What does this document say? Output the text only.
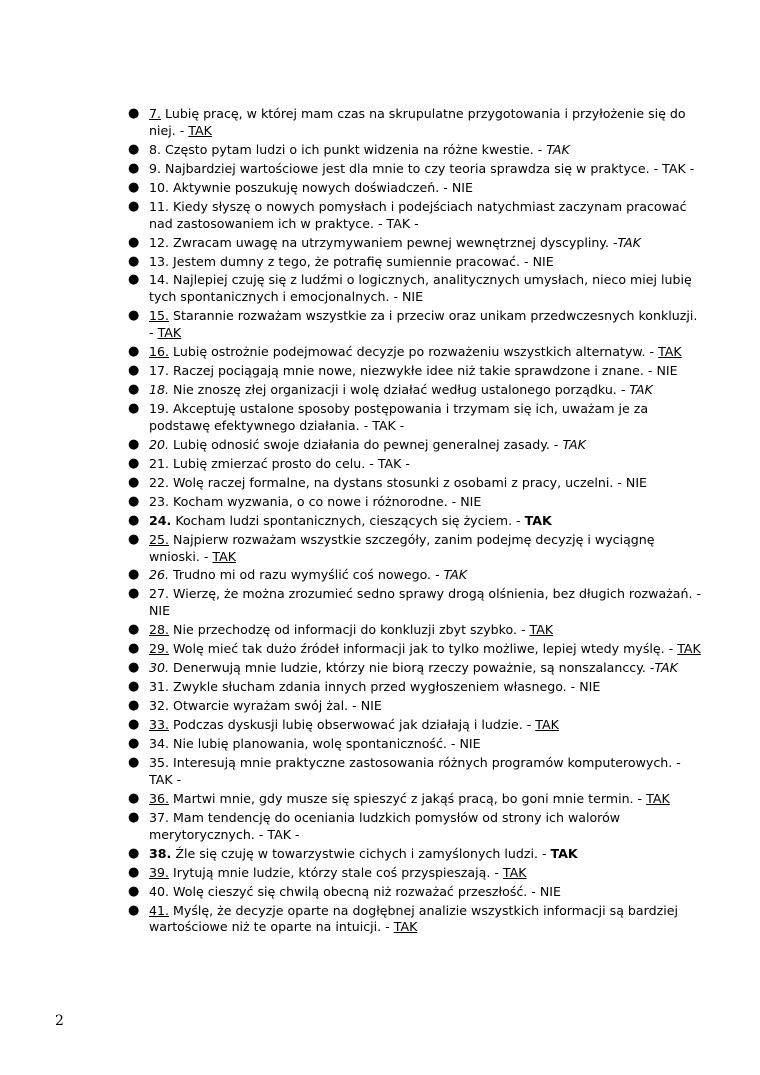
● 7. Lubię pracę, w której mam czas na skrupulatne przygotowania i przyłożenie się do niej. - TAK
● 8. Często pytam ludzi o ich punkt widzenia na różne kwestie. - TAK
● 9. Najbardziej wartościowe jest dla mnie to czy teoria sprawdza się w praktyce. - TAK -
● 10. Aktywnie poszukuję nowych doświadczeń. - NIE
● 11. Kiedy słyszę o nowych pomysłach i podejściach natychmiast zaczynam pracować nad zastosowaniem ich w praktyce. - TAK -
● 12. Zwracam uwagę na utrzymywaniem pewnej wewnętrznej dyscypliny. -TAK
● 13. Jestem dumny z tego, że potrafię sumiennie pracować. - NIE
● 14. Najlepiej czuję się z ludźmi o logicznych, analitycznych umysłach, nieco miej lubię tych spontanicznych i emocjonalnych. - NIE
● 15. Starannie rozważam wszystkie za i przeciw oraz unikam przedwczesnych konkluzji. - TAK
● 16. Lubię ostrożnie podejmować decyzje po rozważeniu wszystkich alternatyw. - TAK
● 17. Raczej pociągają mnie nowe, niezwykłe idee niż takie sprawdzone i znane. - NIE
● 18. Nie znoszę złej organizacji i wolę działać według ustalonego porządku. - TAK
● 19. Akceptuję ustalone sposoby postępowania i trzymam się ich, uważam je za podstawę efektywnego działania. - TAK -
● 20. Lubię odnosić swoje działania do pewnej generalnej zasady. - TAK
● 21. Lubię zmierzać prosto do celu. - TAK -
● 22. Wolę raczej formalne, na dystans stosunki z osobami z pracy, uczelni. - NIE
● 23. Kocham wyzwania, o co nowe i różnorodne. - NIE
● 24. Kocham ludzi spontanicznych, cieszących się życiem. - TAK
● 25. Najpierw rozważam wszystkie szczegóły, zanim podejmę decyzję i wyciągnę wnioski. - TAK
● 26. Trudno mi od razu wymyślić coś nowego. - TAK
● 27. Wierzę, że można zrozumieć sedno sprawy drogą olśnienia, bez długich rozważań. - NIE
● 28. Nie przechodzę od informacji do konkluzji zbyt szybko. - TAK
● 29. Wolę mieć tak dużo źródeł informacji jak to tylko możliwe, lepiej wtedy myślę. - TAK
● 30. Denerwują mnie ludzie, którzy nie biorą rzeczy poważnie, są nonszalanccy. -TAK
● 31. Zwykle słucham zdania innych przed wygłoszeniem własnego. - NIE
● 32. Otwarcie wyrażam swój żal. - NIE
● 33. Podczas dyskusji lubię obserwować jak działają i ludzie. - TAK
● 34. Nie lubię planowania, wolę spontaniczność. - NIE
● 35. Interesują mnie praktyczne zastosowania różnych programów komputerowych. - TAK -
● 36. Martwi mnie, gdy musze się spieszyć z jakąś pracą, bo goni mnie termin. - TAK
● 37. Mam tendencję do oceniania ludzkich pomysłów od strony ich walorów merytorycznych. - TAK -
● 38. Źle się czuję w towarzystwie cichych i zamyślonych ludzi. - TAK
● 39. Irytują mnie ludzie, którzy stale coś przyspieszają. - TAK
● 40. Wolę cieszyć się chwilą obecną niż rozważać przeszłość. - NIE
● 41. Myślę, że decyzje oparte na dogłębnej analizie wszystkich informacji są bardziej wartościowe niż te oparte na intuicji. - TAK
2
